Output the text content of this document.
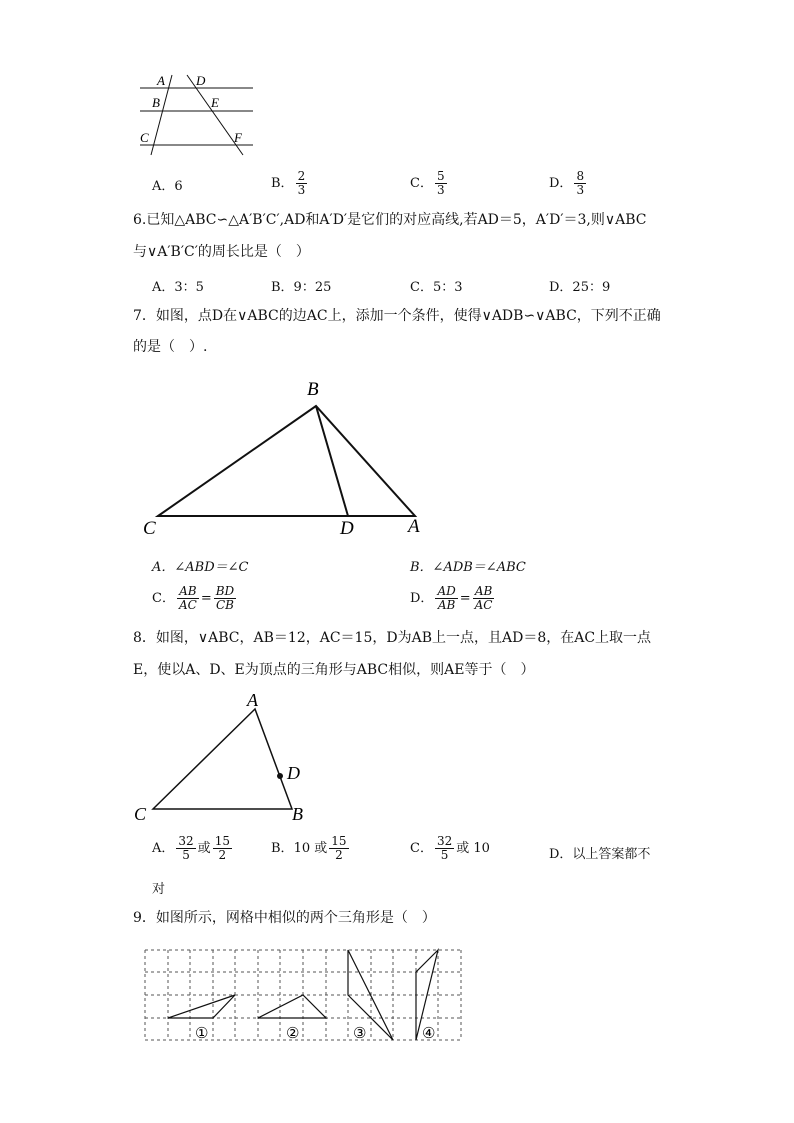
A
B
C
D
E
F
A．6	B． $\frac{2}{3}$	C． $\frac{5}{3}$	D． $\frac{8}{3}$
6.已知△ABC∽△A′B′C′,AD和A′D′是它们的对应高线,若AD＝5，A′D′＝3,则∨ABC
与∨A′B′C′的周长比是（　）
A．3：5	B．9：25	C．5：3	D．25：9
7．如图，点D在∨ABC的边AC上，添加一个条件，使得∨ADB∽∨ABC，下列不正确
的是（　）.
B
C	D	A
A．∠ABD＝∠C	B．∠ADB＝∠ABC
C． $\frac{AB}{AC} = \frac{BD}{CB}$	D． $\frac{AD}{AB} = \frac{AB}{AC}$
8．如图，∨ABC，AB＝12，AC＝15，D为AB上一点，且AD＝8，在AC上取一点
E，使以A、D、E为顶点的三角形与ABC相似，则AE等于（　）
A
D
C	B
A． $\frac{32}{5}$ 或 $\frac{15}{2}$	B．10 或 $\frac{15}{2}$	C． $\frac{32}{5}$ 或 10	D．以上答案都不
对
9．如图所示，网格中相似的两个三角形是（　）
①	②	③	④
